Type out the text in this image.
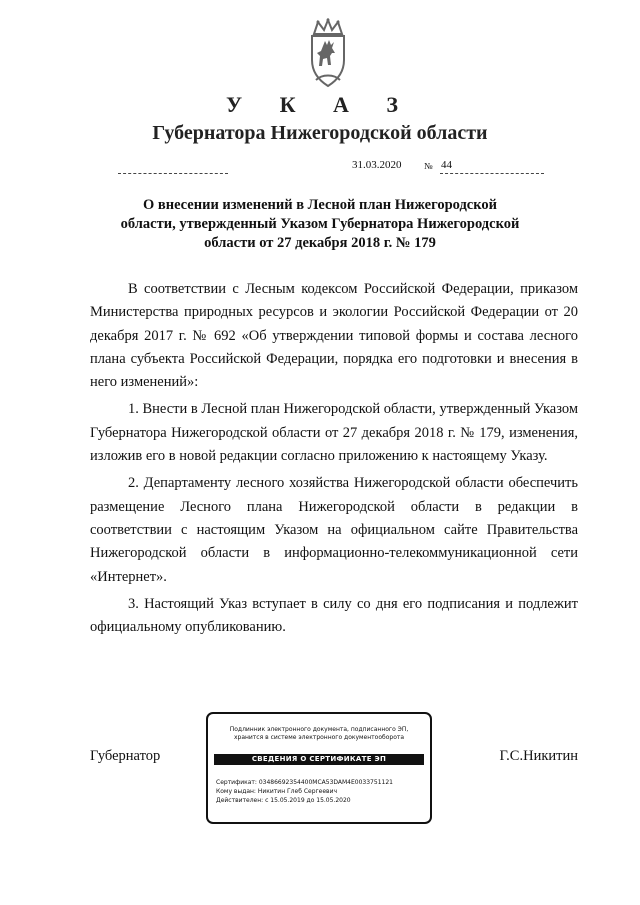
У К А З
Губернатора Нижегородской области
31.03.2020	№ 44
О внесении изменений в Лесной план Нижегородской
области, утвержденный Указом Губернатора Нижегородской
области от 27 декабря 2018 г. № 179

В соответствии с Лесным кодексом Российской Федерации, приказом Министерства природных ресурсов и экологии Российской Федерации от 20 декабря 2017 г. № 692 «Об утверждении типовой формы и состава лесного плана субъекта Российской Федерации, порядка его подготовки и внесения в него изменений»:

1. Внести в Лесной план Нижегородской области, утвержденный Указом Губернатора Нижегородской области от 27 декабря 2018 г. № 179, изменения, изложив его в новой редакции согласно приложению к настоящему Указу.

2. Департаменту лесного хозяйства Нижегородской области обеспечить размещение Лесного плана Нижегородской области в редакции в соответствии с настоящим Указом на официальном сайте Правительства Нижегородской области в информационно-телекоммуникационной сети «Интернет».

3. Настоящий Указ вступает в силу со дня его подписания и подлежит официальному опубликованию.

Губернатор	Г.С.Никитин
Подлинник электронного документа, подписанного ЭП,
хранится в системе электронного документооборота
СВЕДЕНИЯ О СЕРТИФИКАТЕ ЭП
Сертификат: 03486692354400MCA53DAM4E0033751121
Кому выдан: Никитин Глеб Сергеевич
Действителен: с 15.05.2019 до 15.05.2020
